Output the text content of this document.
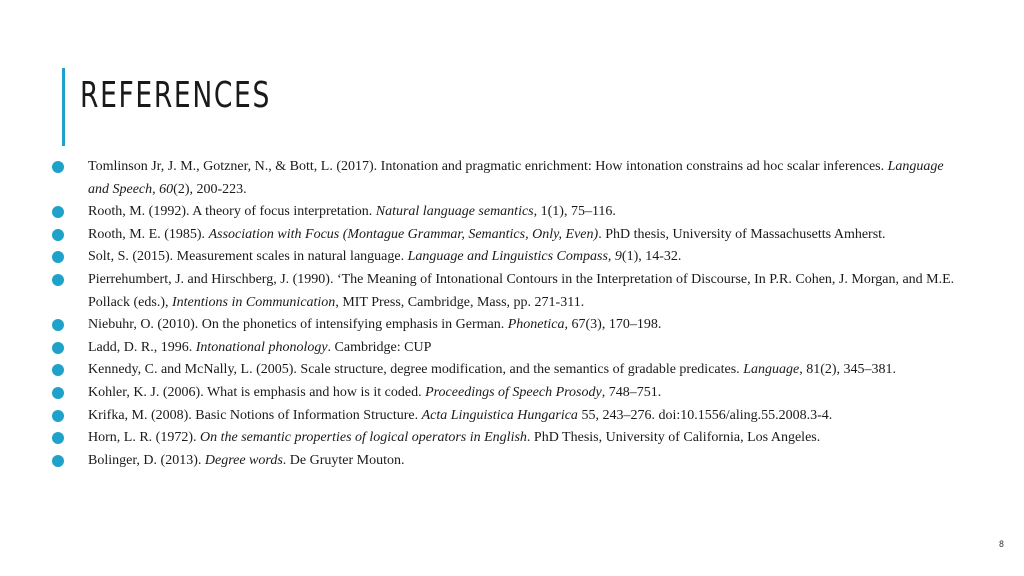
REFERENCES
Tomlinson Jr, J. M., Gotzner, N., & Bott, L. (2017). Intonation and pragmatic enrichment: How intonation constrains ad hoc scalar inferences. Language and Speech, 60(2), 200-223.
Rooth, M. (1992). A theory of focus interpretation. Natural language semantics, 1(1), 75–116.
Rooth, M. E. (1985). Association with Focus (Montague Grammar, Semantics, Only, Even). PhD thesis, University of Massachusetts Amherst.
Solt, S. (2015). Measurement scales in natural language. Language and Linguistics Compass, 9(1), 14-32.
Pierrehumbert, J. and Hirschberg, J. (1990). ‘The Meaning of Intonational Contours in the Interpretation of Discourse, In P.R. Cohen, J. Morgan, and M.E. Pollack (eds.), Intentions in Communication, MIT Press, Cambridge, Mass, pp. 271-311.
Niebuhr, O. (2010). On the phonetics of intensifying emphasis in German. Phonetica, 67(3), 170–198.
Ladd, D. R., 1996. Intonational phonology. Cambridge: CUP
Kennedy, C. and McNally, L. (2005). Scale structure, degree modification, and the semantics of gradable predicates. Language, 81(2), 345–381.
Kohler, K. J. (2006). What is emphasis and how is it coded. Proceedings of Speech Prosody, 748–751.
Krifka, M. (2008). Basic Notions of Information Structure. Acta Linguistica Hungarica 55, 243–276. doi:10.1556/aling.55.2008.3-4.
Horn, L. R. (1972). On the semantic properties of logical operators in English. PhD Thesis, University of California, Los Angeles.
Bolinger, D. (2013). Degree words. De Gruyter Mouton.
8
